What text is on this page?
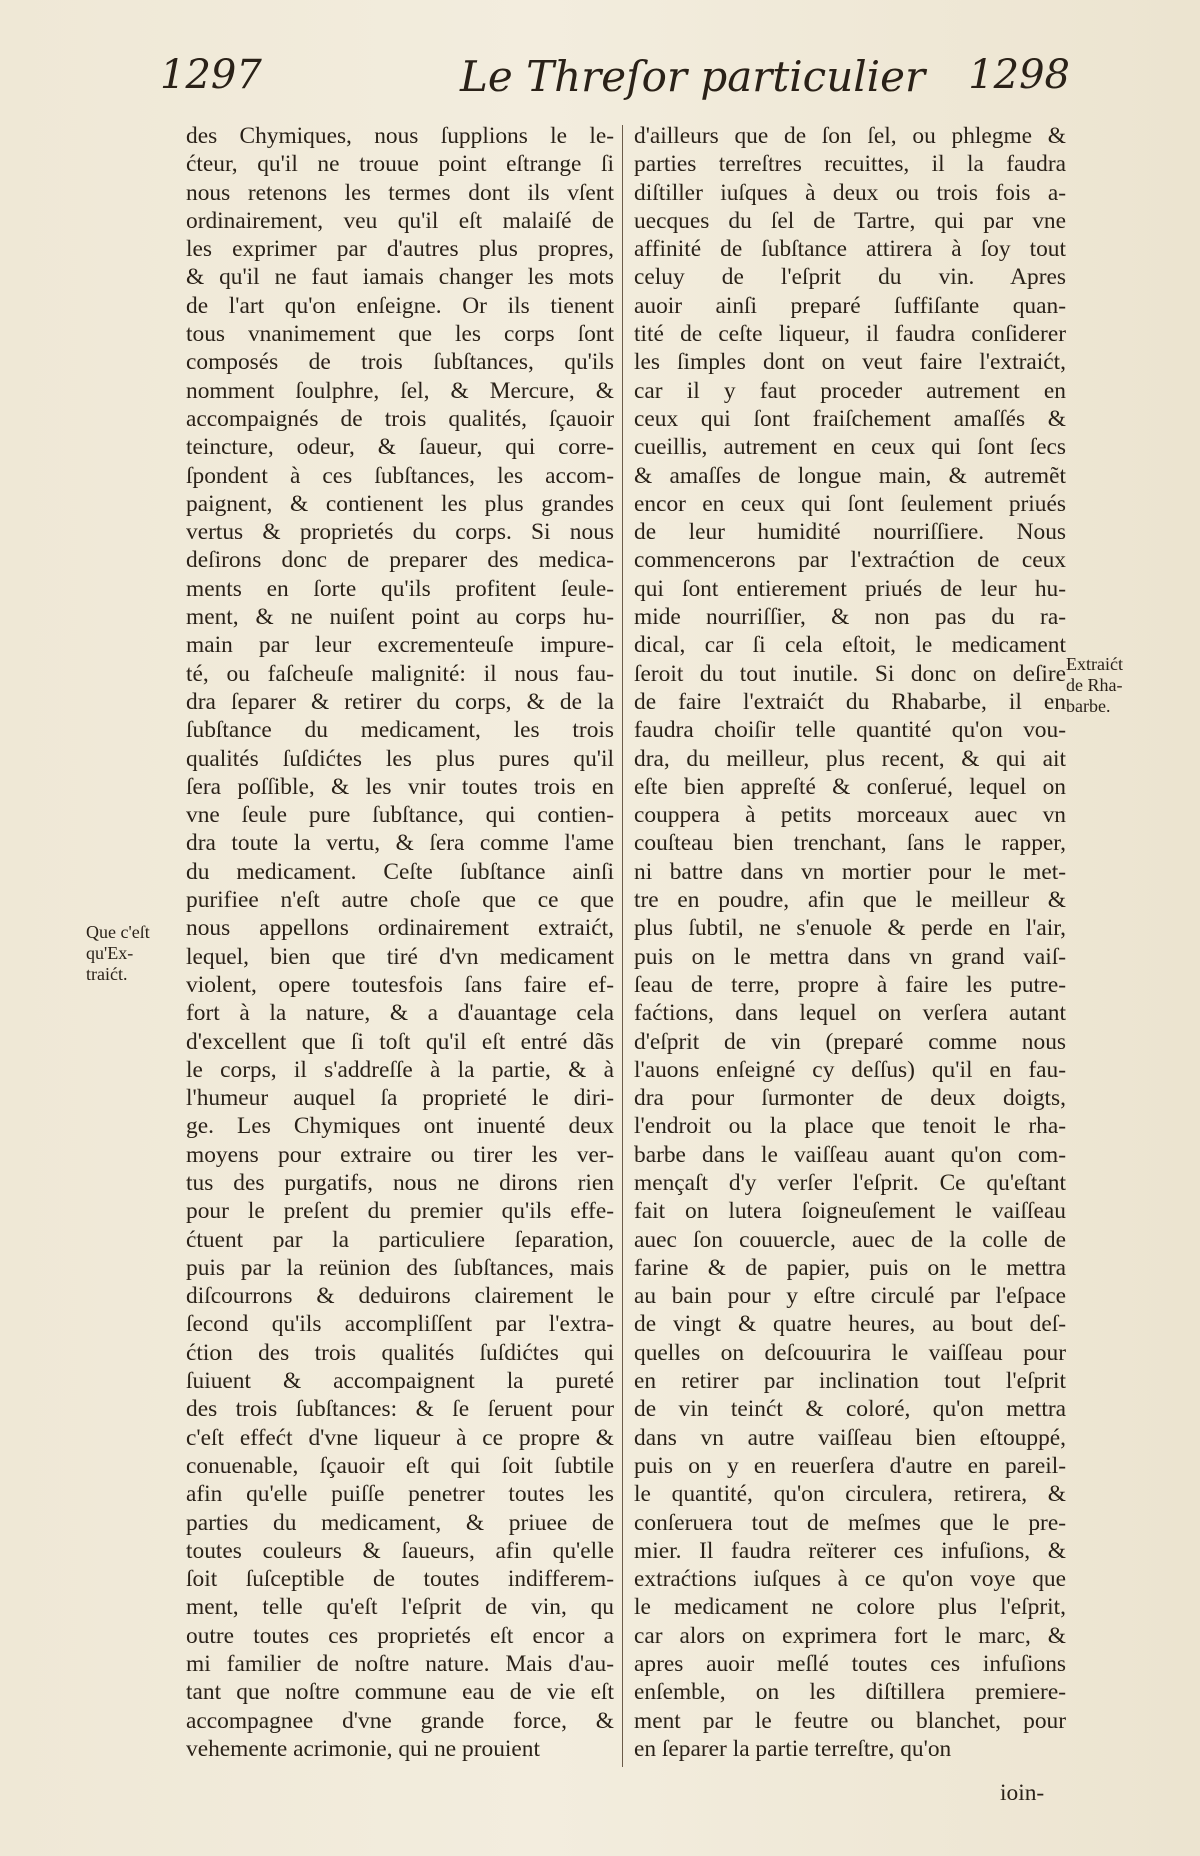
1297	Le Threſor particulier 1298
des Chymiques, nous ſupplions le le-
ćteur, qu'il ne trouue point eſtrange ſi
nous retenons les termes dont ils vſent
ordinairement, veu qu'il eſt malaiſé de
les exprimer par d'autres plus propres,
& qu'il ne faut iamais changer les mots
de l'art qu'on enſeigne. Or ils tienent
tous vnanimement que les corps ſont
composés de trois ſubſtances, qu'ils
nomment ſoulphre, ſel, & Mercure, &
accompaignés de trois qualités, ſçauoir
teincture, odeur, & ſaueur, qui corre-
ſpondent à ces ſubſtances, les accom-
paignent, & contienent les plus grandes
vertus & proprietés du corps. Si nous
deſirons donc de preparer des medica-
ments en ſorte qu'ils profitent ſeule-
ment, & ne nuiſent point au corps hu-
main par leur excrementeuſe impure-
té, ou faſcheuſe malignité: il nous fau-
dra ſeparer & retirer du corps, & de la
ſubſtance du medicament, les trois
qualités ſuſdićtes les plus pures qu'il
ſera poſſible, & les vnir toutes trois en
vne ſeule pure ſubſtance, qui contien-
dra toute la vertu, & ſera comme l'ame
du medicament. Ceſte ſubſtance ainſi
purifiee n'eſt autre choſe que ce que
nous appellons ordinairement extraićt,
lequel, bien que tiré d'vn medicament
violent, opere toutesfois ſans faire ef-
fort à la nature, & a d'auantage cela
d'excellent que ſi toſt qu'il eſt entré dãs
le corps, il s'addreſſe à la partie, & à
l'humeur auquel ſa proprieté le diri-
ge. Les Chymiques ont inuenté deux
moyens pour extraire ou tirer les ver-
tus des purgatifs, nous ne dirons rien
pour le preſent du premier qu'ils effe-
ćtuent par la particuliere ſeparation,
puis par la reünion des ſubſtances, mais
diſcourrons & deduirons clairement le
ſecond qu'ils accompliſſent par l'extra-
ćtion des trois qualités ſuſdićtes qui
ſuiuent & accompaignent la pureté
des trois ſubſtances: & ſe ſeruent pour
c'eſt effećt d'vne liqueur à ce propre &
conuenable, ſçauoir eſt qui ſoit ſubtile
afin qu'elle puiſſe penetrer toutes les
parties du medicament, & priuee de
toutes couleurs & ſaueurs, afin qu'elle
ſoit ſuſceptible de toutes indifferem-
ment, telle qu'eſt l'eſprit de vin, qu
outre toutes ces proprietés eſt encor a
mi familier de noſtre nature. Mais d'au-
tant que noſtre commune eau de vie eſt
accompagnee d'vne grande force, &
vehemente acrimonie, qui ne prouient
d'ailleurs que de ſon ſel, ou phlegme &
parties terreſtres recuittes, il la faudra
diſtiller iuſques à deux ou trois fois a-
uecques du ſel de Tartre, qui par vne
affinité de ſubſtance attirera à ſoy tout
celuy de l'eſprit du vin. Apres
auoir ainſi preparé ſuffiſante quan-
tité de ceſte liqueur, il faudra conſiderer
les ſimples dont on veut faire l'extraićt,
car il y faut proceder autrement en
ceux qui ſont fraiſchement amaſſés &
cueillis, autrement en ceux qui ſont ſecs
& amaſſes de longue main, & autremẽt
encor en ceux qui ſont ſeulement priués
de leur humidité nourriſſiere. Nous
commencerons par l'extraćtion de ceux
qui ſont entierement priués de leur hu-
mide nourriſſier, & non pas du ra-
dical, car ſi cela eſtoit, le medicament
ſeroit du tout inutile. Si donc on deſire
de faire l'extraićt du Rhabarbe, il en
faudra choiſir telle quantité qu'on vou-
dra, du meilleur, plus recent, & qui ait
eſte bien appreſté & conſerué, lequel on
couppera à petits morceaux auec vn
couſteau bien trenchant, ſans le rapper,
ni battre dans vn mortier pour le met-
tre en poudre, afin que le meilleur &
plus ſubtil, ne s'enuole & perde en l'air,
puis on le mettra dans vn grand vaiſ-
ſeau de terre, propre à faire les putre-
fаćtions, dans lequel on verſera autant
d'eſprit de vin (preparé comme nous
l'auons enſeigné cy deſſus) qu'il en fau-
dra pour ſurmonter de deux doigts,
l'endroit ou la place que tenoit le rha-
barbe dans le vaiſſeau auant qu'on com-
mençaſt d'y verſer l'eſprit. Ce qu'eſtant
fait on lutera ſoigneuſement le vaiſſeau
auec ſon couuercle, auec de la colle de
farine & de papier, puis on le mettra
au bain pour y eſtre circulé par l'eſpace
de vingt & quatre heures, au bout deſ-
quelles on deſcouurira le vaiſſeau pour
en retirer par inclination tout l'eſprit
de vin teinćt & coloré, qu'on mettra
dans vn autre vaiſſeau bien eſtouppé,
puis on y en reuerſera d'autre en pareil-
le quantité, qu'on circulera, retirera, &
conſeruera tout de meſmes que le pre-
mier. Il faudra reïterer ces infuſions, &
extraćtions iuſques à ce qu'on voye que
le medicament ne colore plus l'eſprit,
car alors on exprimera fort le marc, &
apres auoir meſlé toutes ces infuſions
enſemble, on les diſtillera premiere-
ment par le feutre ou blanchet, pour
en ſeparer la partie terreſtre, qu'on
Que c'eſt
qu'Ex-
traićt.
Extraićt
de Rha-
barbe.
ioin-
